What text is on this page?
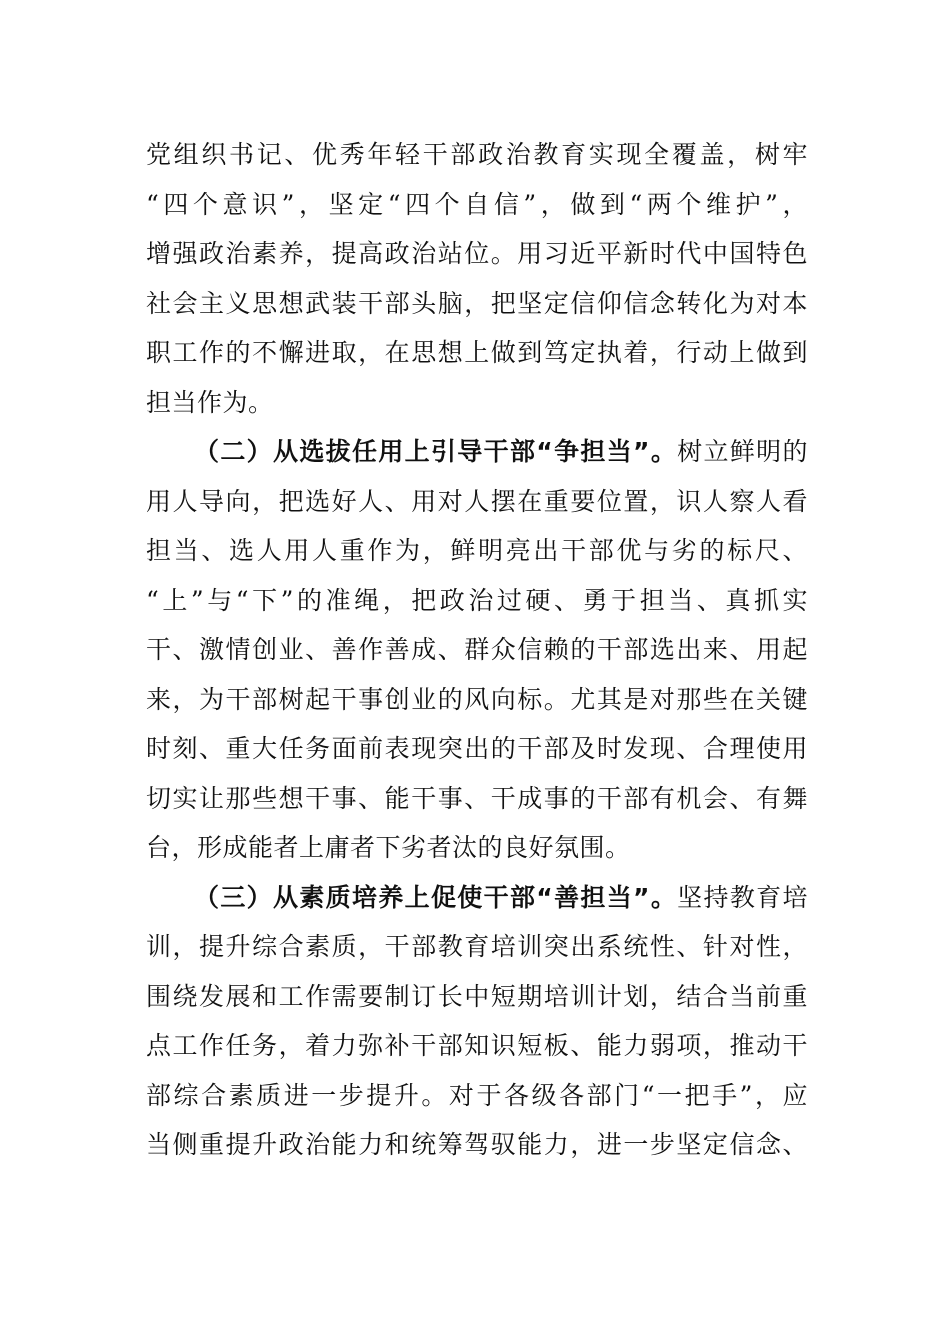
党组织书记、优秀年轻干部政治教育实现全覆盖，树牢
“四个意识”，坚定“四个自信”，做到“两个维护”，
增强政治素养，提高政治站位。用习近平新时代中国特色
社会主义思想武装干部头脑，把坚定信仰信念转化为对本
职工作的不懈进取，在思想上做到笃定执着，行动上做到
担当作为。
（二）从选拔任用上引导干部“争担当”。树立鲜明的
用人导向，把选好人、用对人摆在重要位置，识人察人看
担当、选人用人重作为，鲜明亮出干部优与劣的标尺、
“上”与“下”的准绳，把政治过硬、勇于担当、真抓实
干、激情创业、善作善成、群众信赖的干部选出来、用起
来，为干部树起干事创业的风向标。尤其是对那些在关键
时刻、重大任务面前表现突出的干部及时发现、合理使用
切实让那些想干事、能干事、干成事的干部有机会、有舞
台，形成能者上庸者下劣者汰的良好氛围。
（三）从素质培养上促使干部“善担当”。坚持教育培
训，提升综合素质，干部教育培训突出系统性、针对性，
围绕发展和工作需要制订长中短期培训计划，结合当前重
点工作任务，着力弥补干部知识短板、能力弱项，推动干
部综合素质进一步提升。对于各级各部门“一把手”，应
当侧重提升政治能力和统筹驾驭能力，进一步坚定信念、
